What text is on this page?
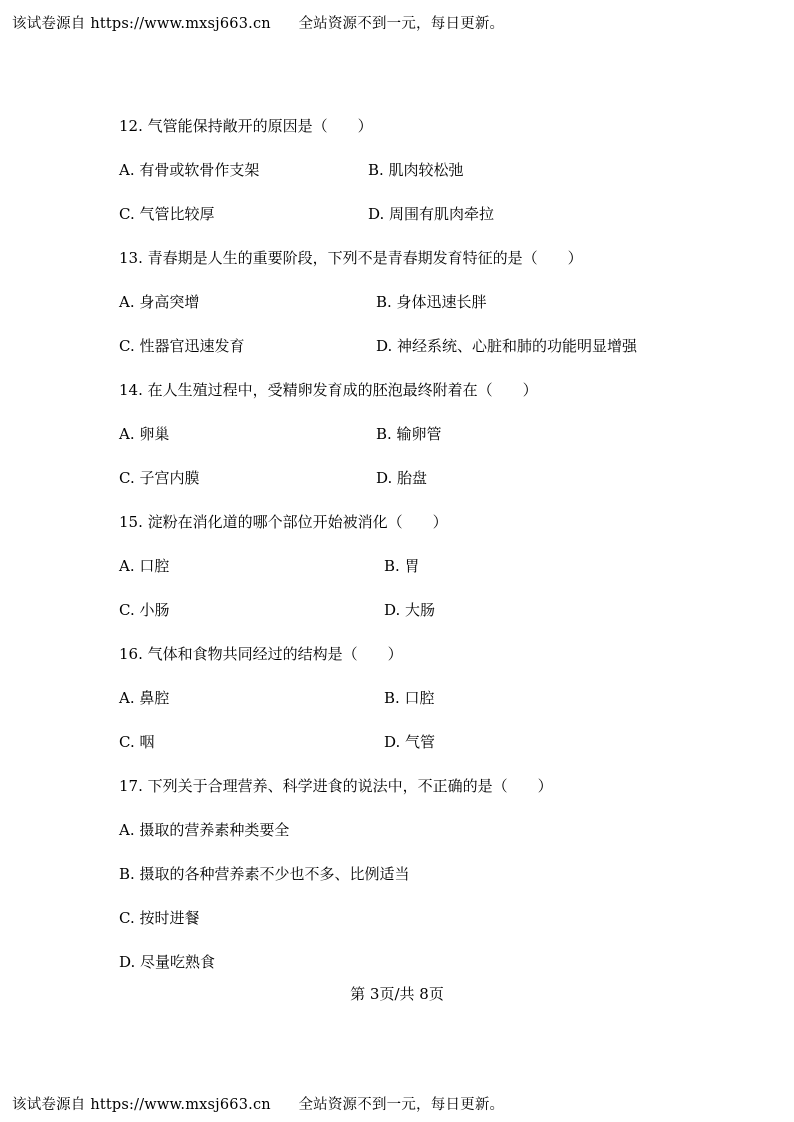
该试卷源自 https://www.mxsj663.cn 全站资源不到一元，每日更新。
12. 气管能保持敞开的原因是（　　）
A. 有骨或软骨作支架	B. 肌肉较松弛
C. 气管比较厚	D. 周围有肌肉牵拉
13. 青春期是人生的重要阶段，下列不是青春期发育特征的是（　　）
A. 身高突增	B. 身体迅速长胖
C. 性器官迅速发育	D. 神经系统、心脏和肺的功能明显增强
14. 在人生殖过程中，受精卵发育成的胚泡最终附着在（　　）
A. 卵巢	B. 输卵管
C. 子宫内膜	D. 胎盘
15. 淀粉在消化道的哪个部位开始被消化（　　）
A. 口腔	B. 胃
C. 小肠	D. 大肠
16. 气体和食物共同经过的结构是（　　）
A. 鼻腔	B. 口腔
C. 咽	D. 气管
17. 下列关于合理营养、科学进食的说法中，不正确的是（　　）
A. 摄取的营养素种类要全
B. 摄取的各种营养素不少也不多、比例适当
C. 按时进餐
D. 尽量吃熟食
第 3页/共 8页
该试卷源自 https://www.mxsj663.cn 全站资源不到一元，每日更新。
